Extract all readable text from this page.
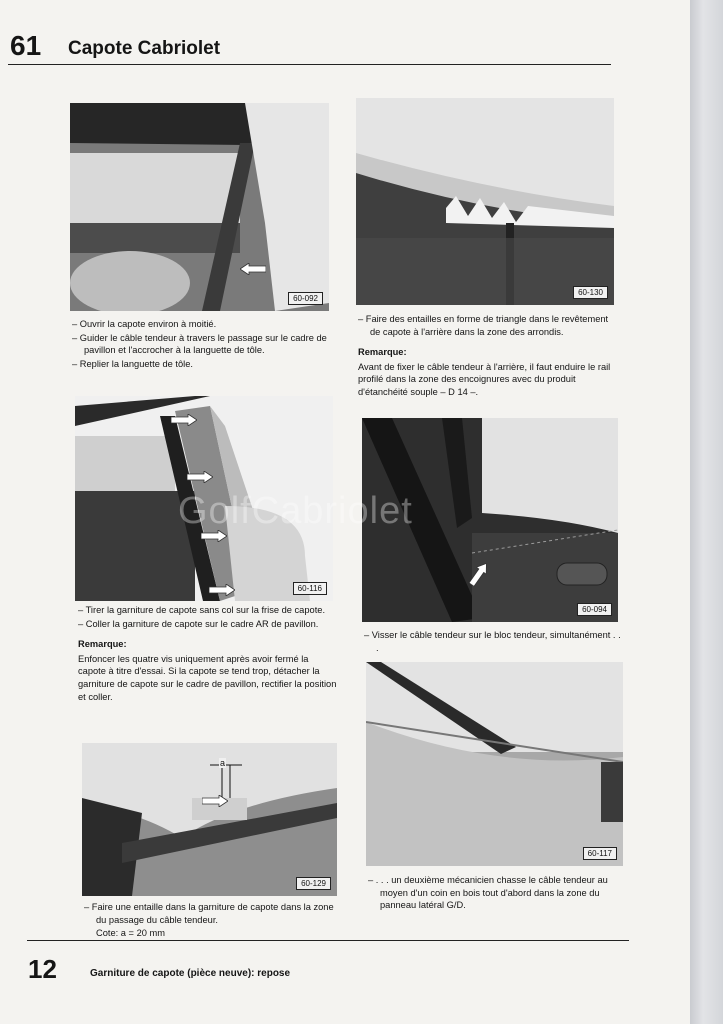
61 Capote Cabriolet
60-092
60-130
– Ouvrir la capote environ à moitié.
– Guider le câble tendeur à travers le passage sur le cadre de pavillon et l'accrocher à la languette de tôle.
– Replier la languette de tôle.
– Faire des entailles en forme de triangle dans le revêtement de capote à l'arrière dans la zone des arrondis.

Remarque:

Avant de fixer le câble tendeur à l'arrière, il faut enduire le rail profilé dans la zone des encoignures avec du produit d'étanchéité souple – D 14 –.

60-116
60-094
GolfCabriolet
– Tirer la garniture de capote sans col sur la frise de capote.
– Coller la garniture de capote sur le cadre AR de pavillon.

Remarque:

Enfoncer les quatre vis uniquement après avoir fermé la capote à titre d'essai. Si la capote se tend trop, détacher la garniture de capote sur le cadre de pavillon, rectifier la position et coller.

– Visser le câble tendeur sur le bloc tendeur, simultanément . . .
60-117
a
60-129
–	. . . un deuxième mécanicien chasse le câble tendeur au moyen d'un coin en bois tout d'abord dans la zone du panneau latéral G/D.
– Faire une entaille dans la garniture de capote dans la zone du passage du câble tendeur.

Cote: a = 20 mm

12	Garniture de capote (pièce neuve): repose
